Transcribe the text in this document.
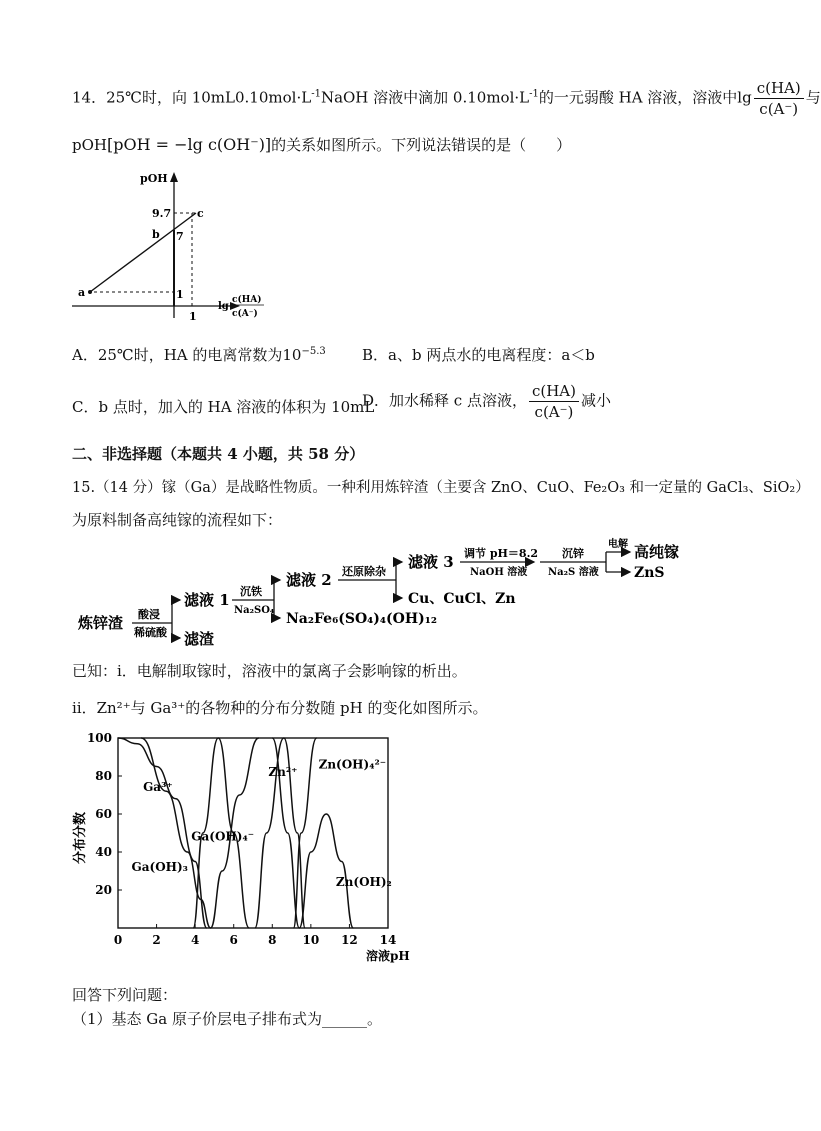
14．25℃时，向 $10mL0.10mol\cdot L^{-1}NaOH$ 溶液中滴加 $0.10mol\cdot L^{-1}$的一元弱酸 HA 溶液，溶液中$\lg \frac{c(HA)}{c(A^-)}$ 与
pOH[pOH = −lg c(OH⁻)]的关系如图所示。下列说法错误的是（　　）
pOH
9.7
7
1
1
a
b
c
lg
c(HA)
c(A⁻)
A．25℃时，HA 的电离常数为$10^{-5.3}$ B．a、b 两点水的电离程度：a＜b
C．b 点时，加入的 HA 溶液的体积为 10mL
D．加水稀释 c 点溶液， $\frac{c(HA)}{c(A^-)}$ 减小
二、非选择题（本题共 4 小题，共 58 分）
15.（14 分）镓（Ga）是战略性物质。一种利用炼锌渣（主要含 ZnO、CuO、Fe₂O₃ 和一定量的 GaCl₃、SiO₂）
为原料制备高纯镓的流程如下：
炼锌渣 酸浸
稀硫酸
滤液 1
滤渣
沉铁
Na₂SO₄
滤液 2
Na₂Fe₆(SO₄)₄(OH)₁₂
还原除杂
滤液 3
Cu、CuCl、Zn
调节 pH＝8.2
NaOH 溶液
沉锌
Na₂S 溶液
电解 高纯镓
ZnS
已知：ⅰ．电解制取镓时，溶液中的氯离子会影响镓的析出。
ⅱ．Zn²⁺与 Ga³⁺的各物种的分布分数随 pH 的变化如图所示。
0	2	4	6	8 10 12 14
20
40
60
80
100
Ga³⁺
Ga(OH)₃
Ga(OH)₄⁻
Zn²⁺
Zn(OH)₄²⁻
Zn(OH)₂
分布分数
溶液pH
回答下列问题：
（1）基态 Ga 原子价层电子排布式为______。
